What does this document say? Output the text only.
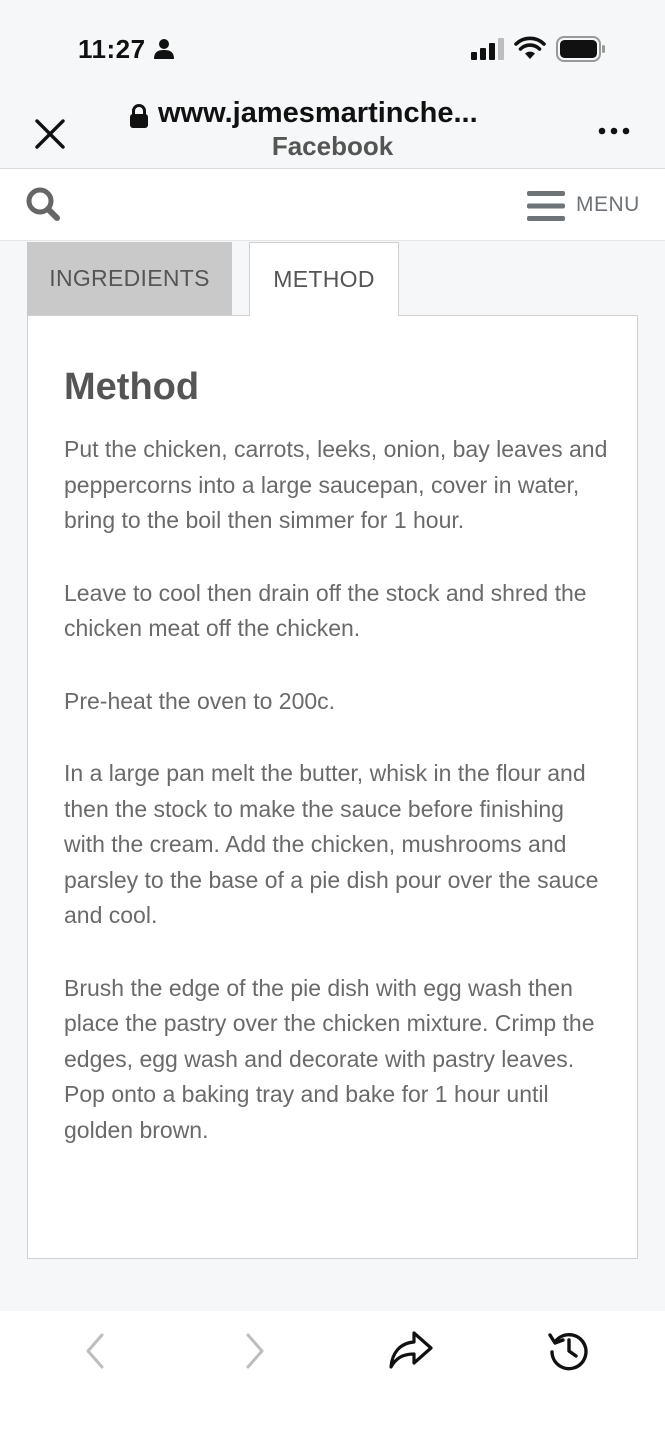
11:27
www.jamesmartinche...
Facebook
MENU
INGREDIENTS	METHOD
Method

Put the chicken, carrots, leeks, onion, bay leaves and peppercorns into a large saucepan, cover in water, bring to the boil then simmer for 1 hour.

Leave to cool then drain off the stock and shred the chicken meat off the chicken.

Pre-heat the oven to 200c.

In a large pan melt the butter, whisk in the flour and then the stock to make the sauce before finishing with the cream. Add the chicken, mushrooms and parsley to the base of a pie dish pour over the sauce and cool.

Brush the edge of the pie dish with egg wash then place the pastry over the chicken mixture. Crimp the edges, egg wash and decorate with pastry leaves. Pop onto a baking tray and bake for 1 hour until golden brown.
